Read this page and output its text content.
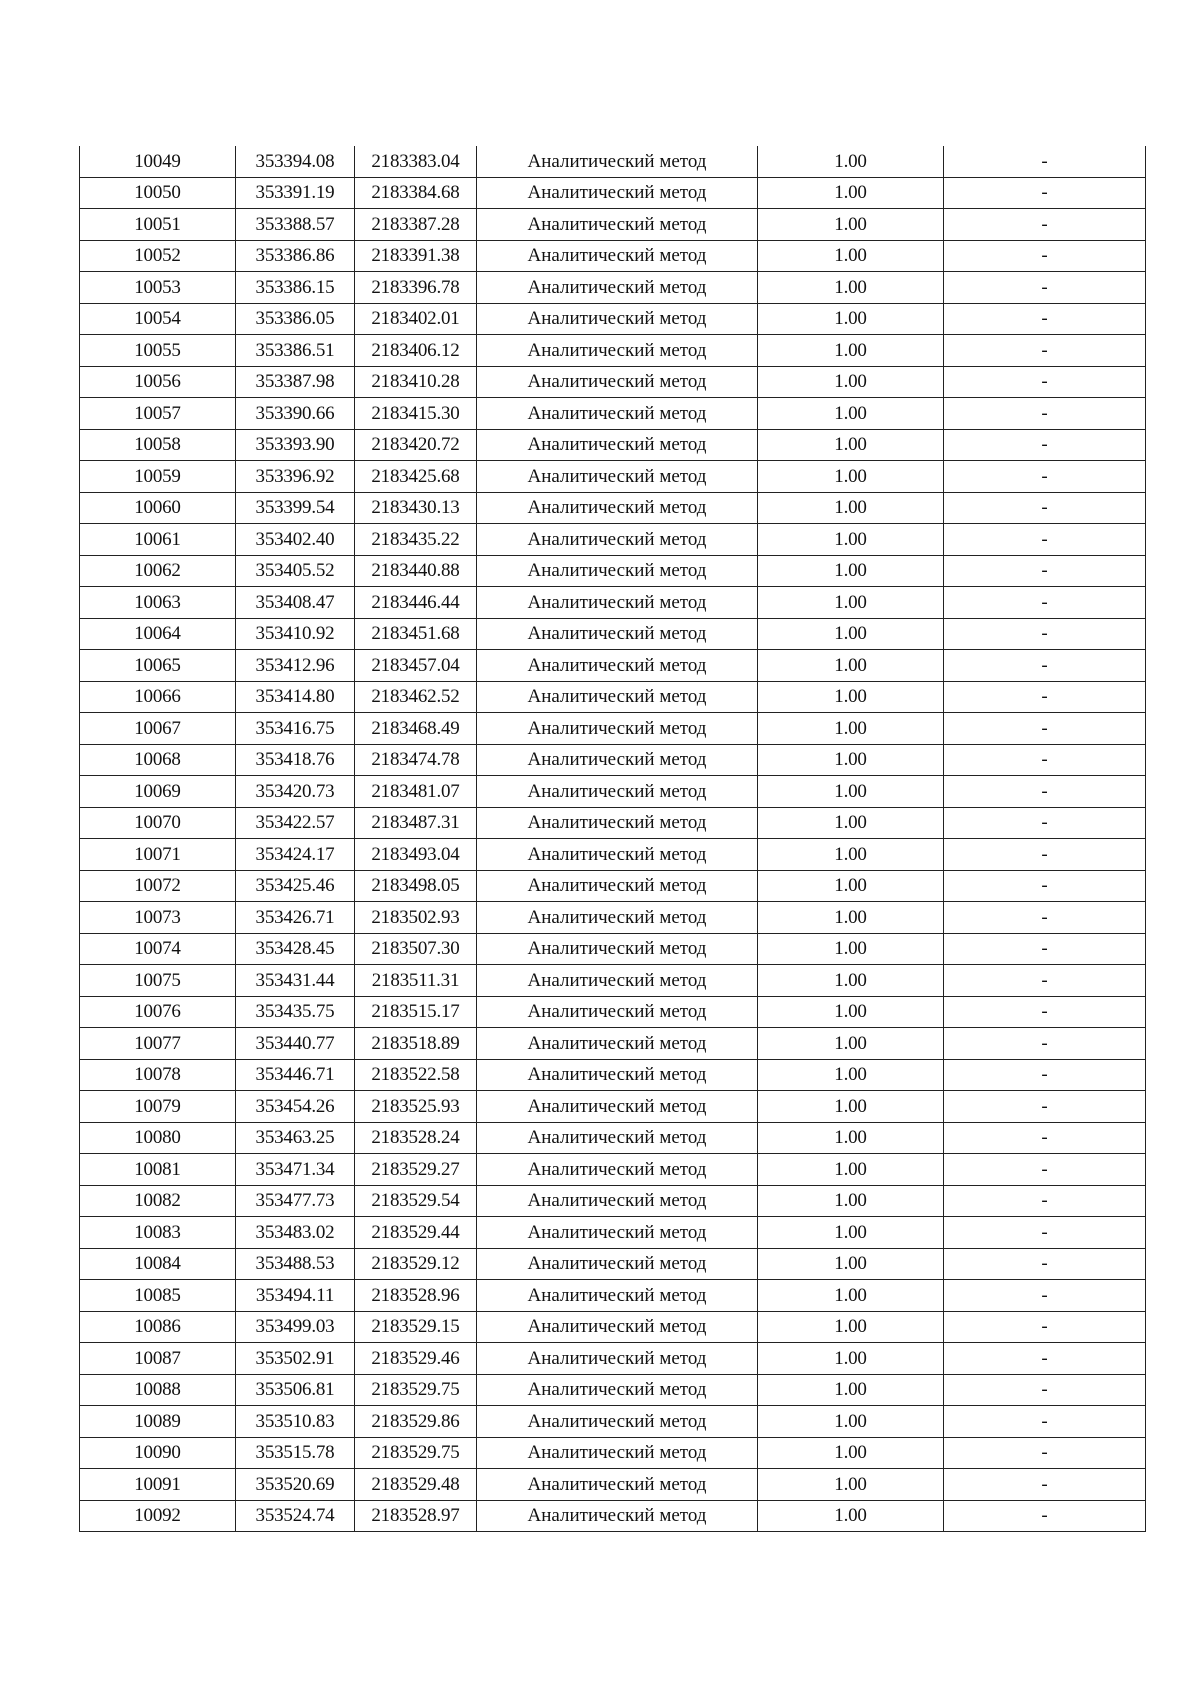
10049	353394.08	2183383.04	Аналитический метод	1.00	-
10050	353391.19	2183384.68	Аналитический метод	1.00	-
10051	353388.57	2183387.28	Аналитический метод	1.00	-
10052	353386.86	2183391.38	Аналитический метод	1.00	-
10053	353386.15	2183396.78	Аналитический метод	1.00	-
10054	353386.05	2183402.01	Аналитический метод	1.00	-
10055	353386.51	2183406.12	Аналитический метод	1.00	-
10056	353387.98	2183410.28	Аналитический метод	1.00	-
10057	353390.66	2183415.30	Аналитический метод	1.00	-
10058	353393.90	2183420.72	Аналитический метод	1.00	-
10059	353396.92	2183425.68	Аналитический метод	1.00	-
10060	353399.54	2183430.13	Аналитический метод	1.00	-
10061	353402.40	2183435.22	Аналитический метод	1.00	-
10062	353405.52	2183440.88	Аналитический метод	1.00	-
10063	353408.47	2183446.44	Аналитический метод	1.00	-
10064	353410.92	2183451.68	Аналитический метод	1.00	-
10065	353412.96	2183457.04	Аналитический метод	1.00	-
10066	353414.80	2183462.52	Аналитический метод	1.00	-
10067	353416.75	2183468.49	Аналитический метод	1.00	-
10068	353418.76	2183474.78	Аналитический метод	1.00	-
10069	353420.73	2183481.07	Аналитический метод	1.00	-
10070	353422.57	2183487.31	Аналитический метод	1.00	-
10071	353424.17	2183493.04	Аналитический метод	1.00	-
10072	353425.46	2183498.05	Аналитический метод	1.00	-
10073	353426.71	2183502.93	Аналитический метод	1.00	-
10074	353428.45	2183507.30	Аналитический метод	1.00	-
10075	353431.44	2183511.31	Аналитический метод	1.00	-
10076	353435.75	2183515.17	Аналитический метод	1.00	-
10077	353440.77	2183518.89	Аналитический метод	1.00	-
10078	353446.71	2183522.58	Аналитический метод	1.00	-
10079	353454.26	2183525.93	Аналитический метод	1.00	-
10080	353463.25	2183528.24	Аналитический метод	1.00	-
10081	353471.34	2183529.27	Аналитический метод	1.00	-
10082	353477.73	2183529.54	Аналитический метод	1.00	-
10083	353483.02	2183529.44	Аналитический метод	1.00	-
10084	353488.53	2183529.12	Аналитический метод	1.00	-
10085	353494.11	2183528.96	Аналитический метод	1.00	-
10086	353499.03	2183529.15	Аналитический метод	1.00	-
10087	353502.91	2183529.46	Аналитический метод	1.00	-
10088	353506.81	2183529.75	Аналитический метод	1.00	-
10089	353510.83	2183529.86	Аналитический метод	1.00	-
10090	353515.78	2183529.75	Аналитический метод	1.00	-
10091	353520.69	2183529.48	Аналитический метод	1.00	-
10092	353524.74	2183528.97	Аналитический метод	1.00	-
